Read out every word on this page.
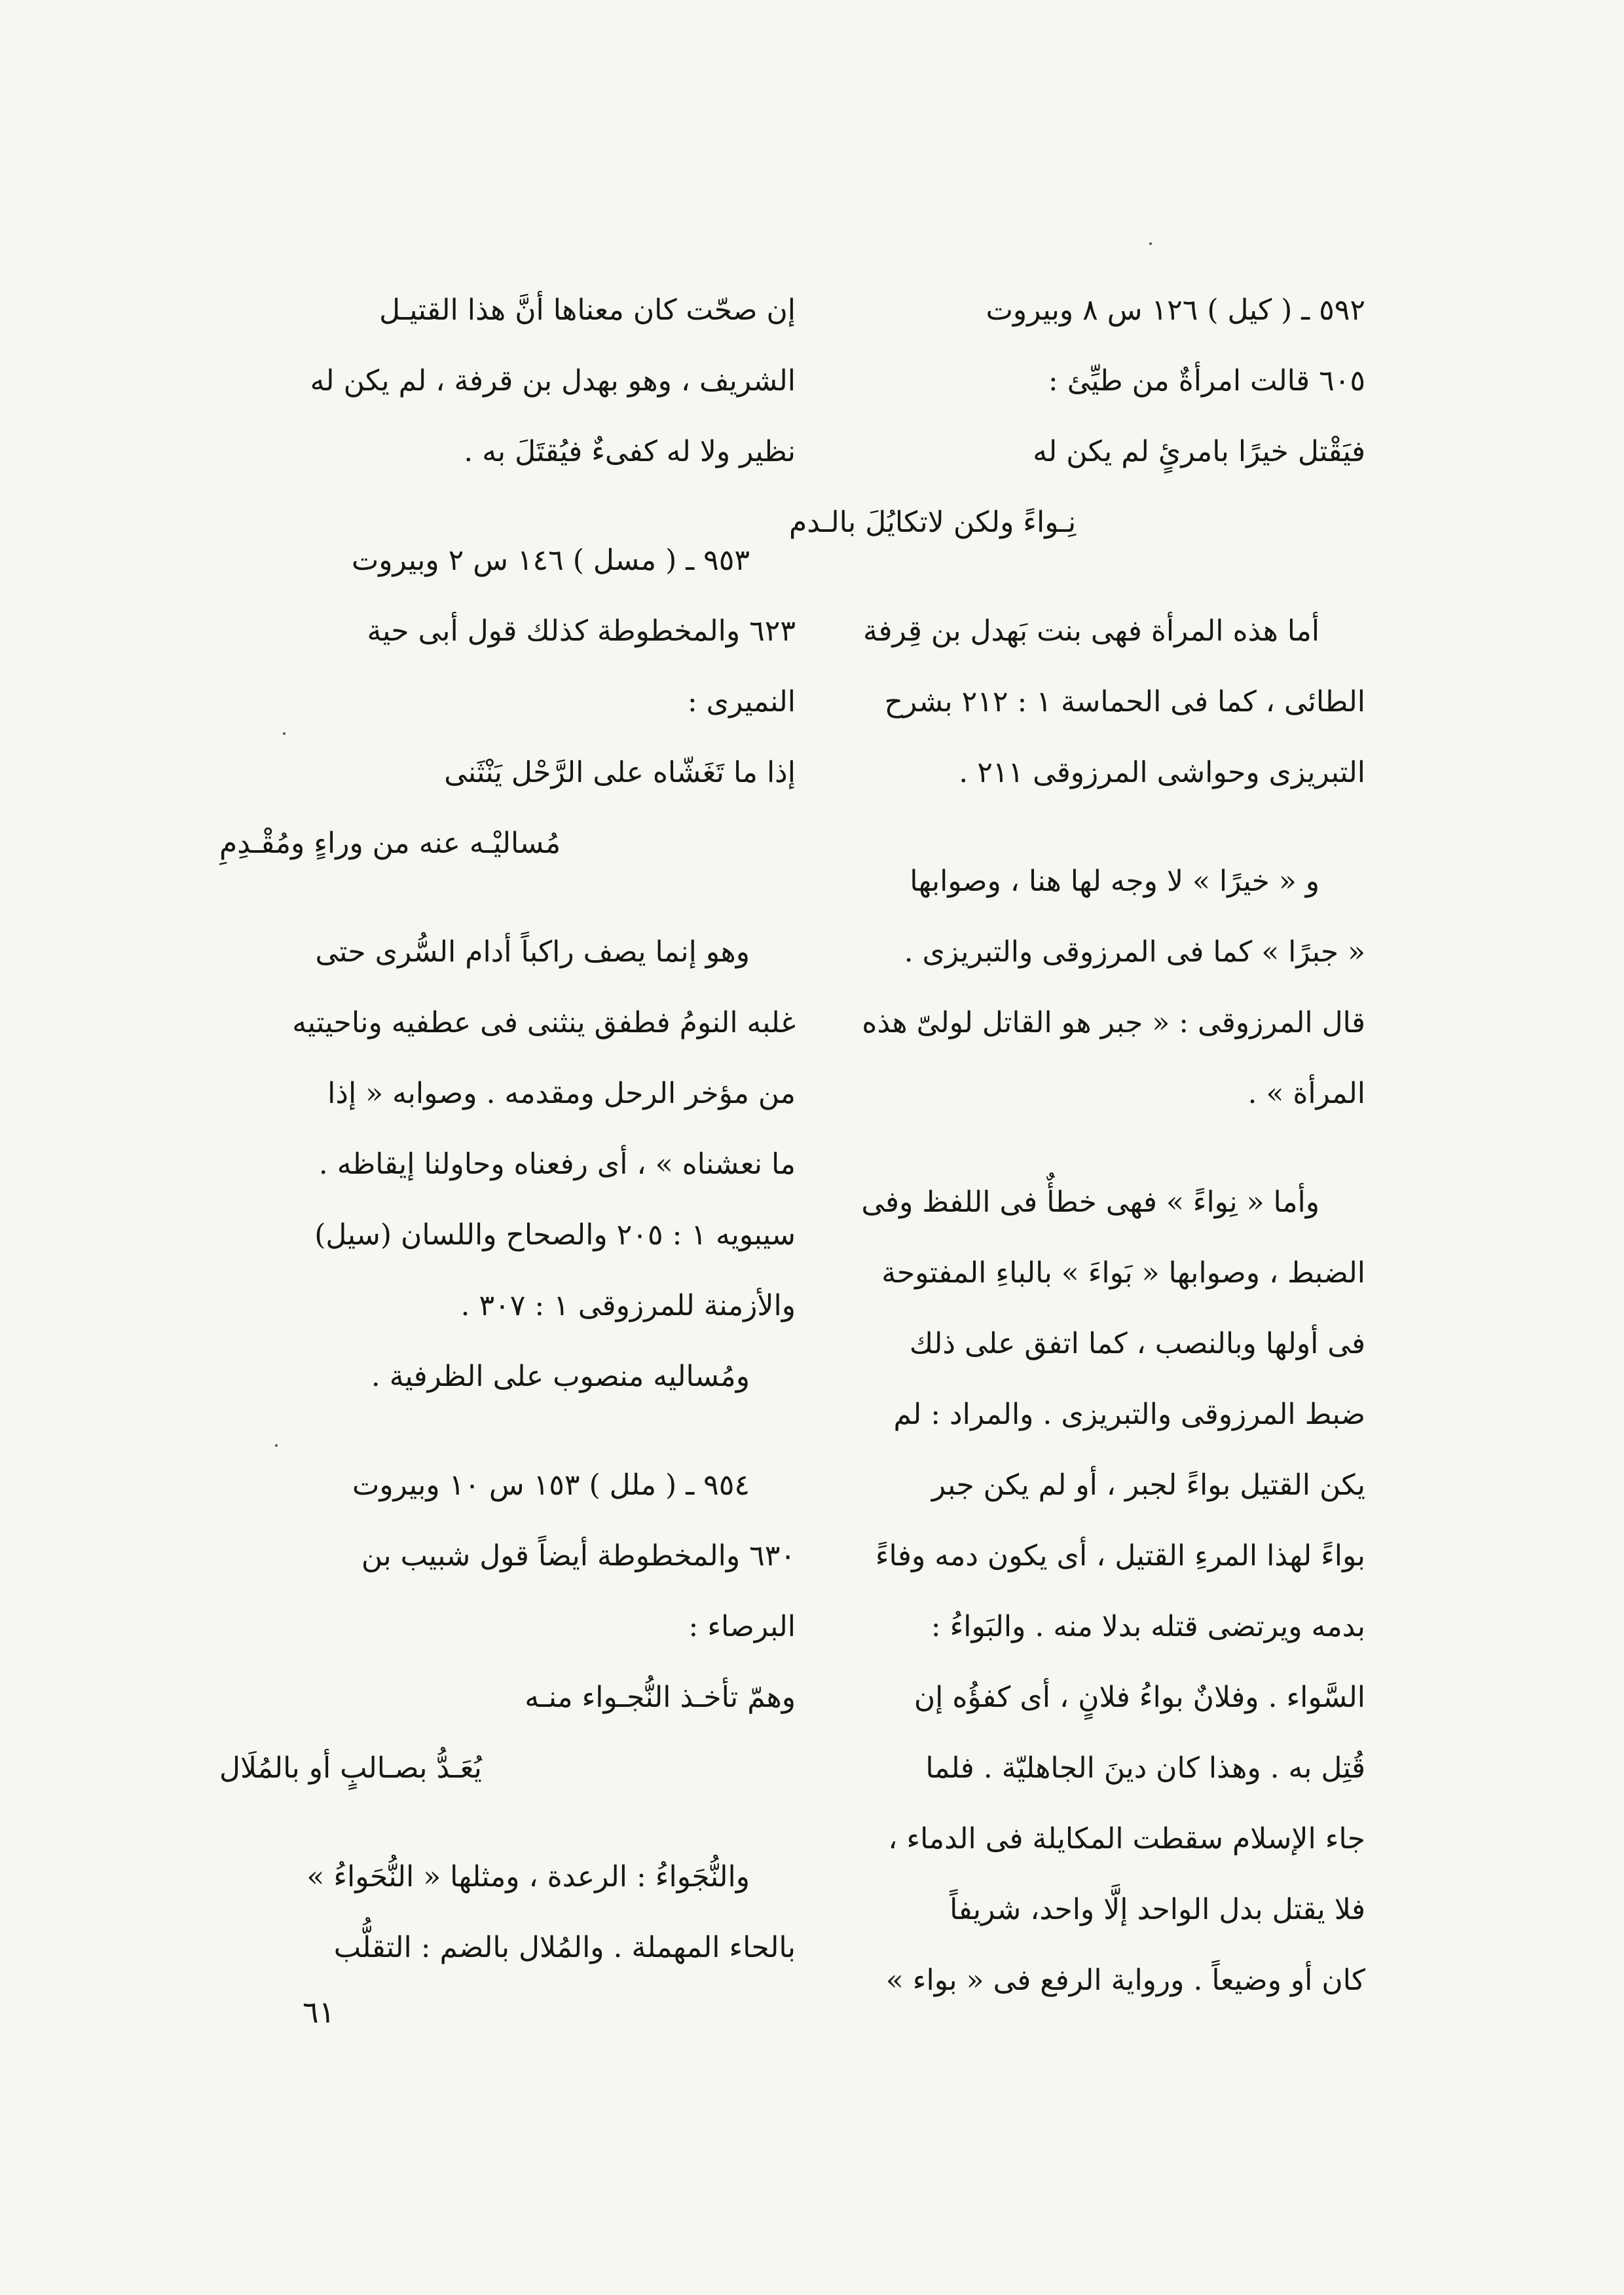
٥٩٢ ـ ( كيل ) ١٢٦ س ٨ وبيروت
٦٠٥ قالت امرأةٌ من طيِّئ :
فيَقْتل خيرًا بامرئٍ لم يكن له
نِـواءً ولكن لاتكايُلَ بالـدم
أما هذه المرأة فهى بنت بَهدل بن قِرفة
الطائى ، كما فى الحماسة ١ : ٢١٢ بشرح
التبريزى وحواشى المرزوقى ٢١١ .
و « خيرًا » لا وجه لها هنا ، وصوابها
« جبرًا » كما فى المرزوقى والتبريزى .
قال المرزوقى : « جبر هو القاتل لولىّ هذه
المرأة » .
وأما « نِواءً » فهى خطأٌ فى اللفظ وفى
الضبط ، وصوابها « بَواءَ » بالباءِ المفتوحة
فى أولها وبالنصب ، كما اتفق على ذلك
ضبط المرزوقى والتبريزى . والمراد : لم
يكن القتيل بواءً لجبر ، أو لم يكن جبر
بواءً لهذا المرءِ القتيل ، أى يكون دمه وفاءً
بدمه ويرتضى قتله بدلا منه . والبَواءُ :
السَّواء . وفلانٌ بواءُ فلانٍ ، أى كفؤُه إن
قُتِل به . وهذا كان دينَ الجاهليّة . فلما
جاء الإسلام سقطت المكايلة فى الدماء ،
فلا يقتل بدل الواحد إلَّا واحد، شريفاً
كان أو وضيعاً . ورواية الرفع فى « بواء »
إن صحّت كان معناها أنَّ هذا القتيـل
الشريف ، وهو بهدل بن قرفة ، لم يكن له
نظير ولا له كفىءٌ فيُقتَلَ به .
٩٥٣ ـ ( مسل ) ١٤٦ س ٢ وبيروت
٦٢٣ والمخطوطة كذلك قول أبى حية
النميرى :
إذا ما تَغَشّاه على الرَّحْل يَنْثَنى
مُساليْـه عنه من وراءٍ ومُقْـدِمِ
وهو إنما يصف راكباً أدام السُّرى حتى
غلبه النومُ فطفق ينثنى فى عطفيه وناحيتيه
من مؤخر الرحل ومقدمه . وصوابه « إذا
ما نعشناه » ، أى رفعناه وحاولنا إيقاظه .
سيبويه ١ : ٢٠٥ والصحاح واللسان (سيل)
والأزمنة للمرزوقى ١ : ٣٠٧ .
ومُساليه منصوب على الظرفية .
٩٥٤ ـ ( ملل ) ١٥٣ س ١٠ وبيروت
٦٣٠ والمخطوطة أيضاً قول شبيب بن
البرصاء :
وهمّ تأخـذ النُّجـواء منـه
يُعَـدُّ بصـالبٍ أو بالمُلَال
والنُّجَواءُ : الرعدة ، ومثلها « النُّحَواءُ »
بالحاء المهملة . والمُلال بالضم : التقلُّب
٦١
